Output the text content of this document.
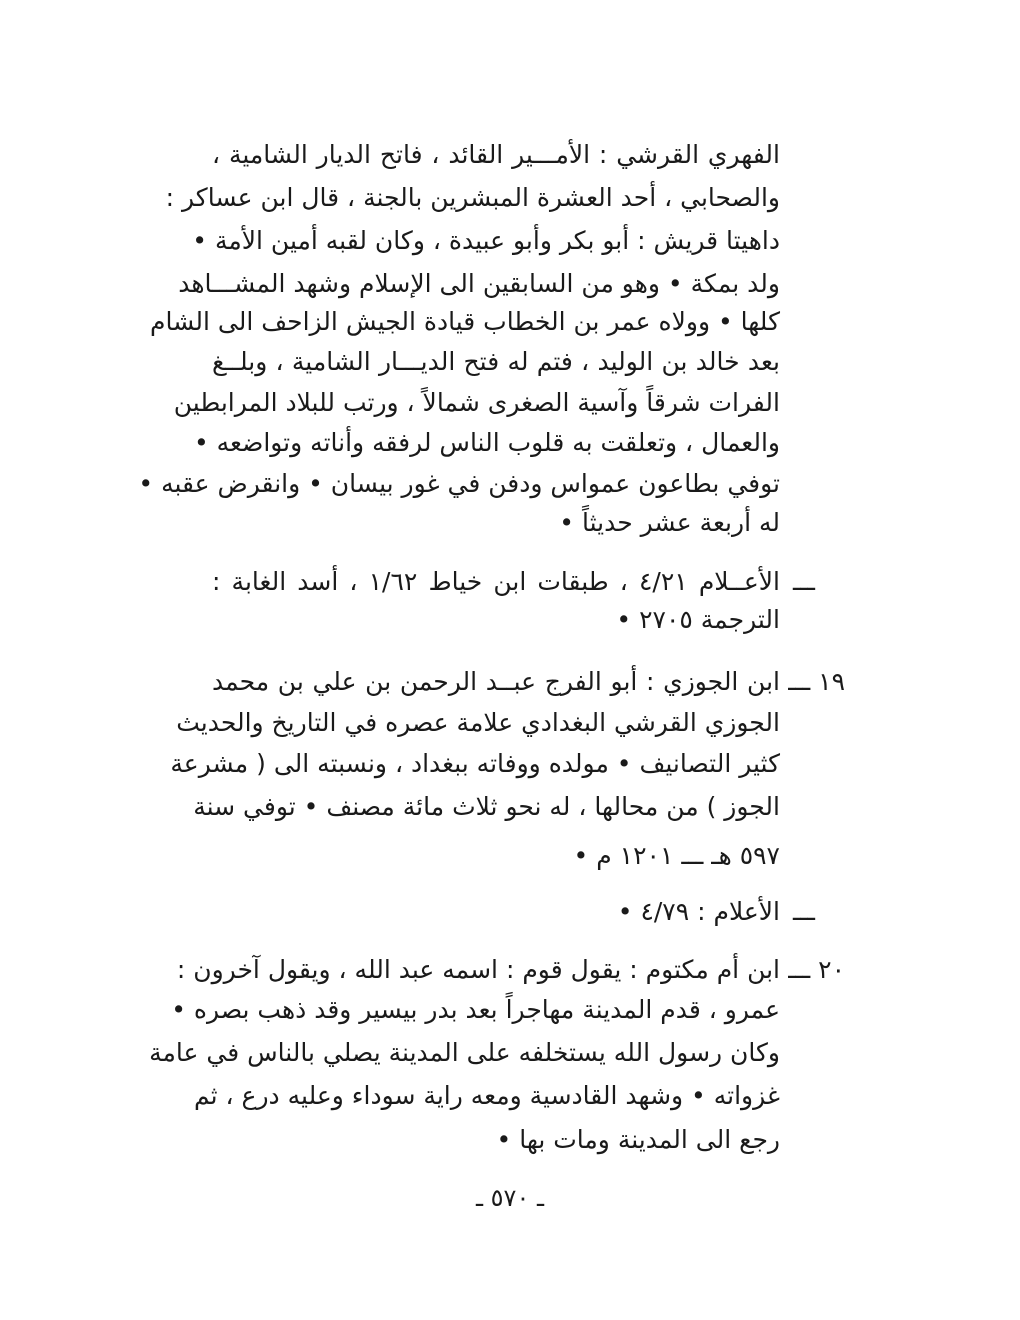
الفهري القرشي : الأمـــير القائد ، فاتح الديار الشامية ،
والصحابي ، أحد العشرة المبشرين بالجنة ، قال ابن عساكر :
داهيتا قريش : أبو بكر وأبو عبيدة ، وكان لقبه أمين الأمة •
ولد بمكة • وهو من السابقين الى الإسلام وشهد المشـــاهد
كلها • وولاه عمر بن الخطاب قيادة الجيش الزاحف الى الشام
بعد خالد بن الوليد ، فتم له فتح الديـــار الشامية ، وبلــغ
الفرات شرقاً وآسية الصغرى شمالاً ، ورتب للبلاد المرابطين
والعمال ، وتعلقت به قلوب الناس لرفقه وأناته وتواضعه •
توفي بطاعون عمواس ودفن في غور بيسان • وانقرض عقبه •
له أربعة عشر حديثاً •
ـــ
الأعــلام ٤/٢١ ، طبقات ابن خياط ١/٦٢ ، أسد الغابة :
الترجمة ٢٧٠٥ •
١٩ ـــ
ابن الجوزي : أبو الفرج عبــد الرحمن بن علي بن محمد
الجوزي القرشي البغدادي علامة عصره في التاريخ والحديث
كثير التصانيف • مولده ووفاته ببغداد ، ونسبته الى ( مشرعة
الجوز ) من محالها ، له نحو ثلاث مائة مصنف • توفي سنة
٥٩٧ هـ ـــ ١٢٠١ م •
ـــ
الأعلام : ٤/٧٩ •
٢٠ ـــ
ابن أم مكتوم : يقول قوم : اسمه عبد الله ، ويقول آخرون :
عمرو ، قدم المدينة مهاجراً بعد بدر بيسير وقد ذهب بصره •
وكان رسول الله يستخلفه على المدينة يصلي بالناس في عامة
غزواته • وشهد القادسية ومعه راية سوداء وعليه درع ، ثم
رجع الى المدينة ومات بها •
ـ ٥٧٠ ـ
